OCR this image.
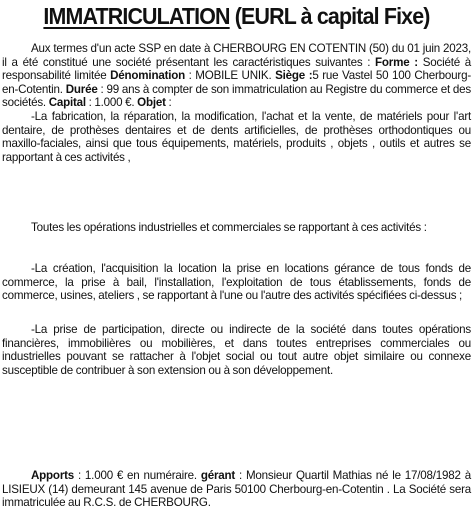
IMMATRICULATION (EURL à capital Fixe)

Aux termes d'un acte SSP en date à CHERBOURG EN COTENTIN (50) du 01 juin 2023, il a été constitué une société présentant les caractéristiques suivantes : Forme : Société à responsabilité limitée Dénomination : MOBILE UNIK. Siège :5 rue Vastel 50 100 Cherbourg-en-Cotentin. Durée : 99 ans à compter de son immatriculation au Registre du commerce et des sociétés. Capital : 1.000 €. Objet :

-La fabrication, la réparation, la modification, l'achat et la vente, de matériels pour l'art dentaire, de prothèses dentaires et de dents artificielles, de prothèses orthodontiques ou maxillo-faciales, ainsi que tous équipements, matériels, produits , objets , outils et autres se rapportant à ces activités ,

Toutes les opérations industrielles et commerciales se rapportant à ces activités :

-La création, l'acquisition la location la prise en locations gérance de tous fonds de commerce, la prise à bail, l'installation, l'exploitation de tous établissements, fonds de commerce, usines, ateliers , se rapportant à l'une ou l'autre des activités spécifiées ci-dessus ;

-La prise de participation, directe ou indirecte de la société dans toutes opérations financières, immobilières ou mobilières, et dans toutes entreprises commerciales ou industrielles pouvant se rattacher à l'objet social ou tout autre objet similaire ou connexe susceptible de contribuer à son extension ou à son développement.

Apports : 1.000 € en numéraire. gérant : Monsieur Quartil Mathias né le 17/08/1982 à LISIEUX (14) demeurant 145 avenue de Paris 50100 Cherbourg-en-Cotentin . La Société sera immatriculée au R.C.S. de CHERBOURG.
